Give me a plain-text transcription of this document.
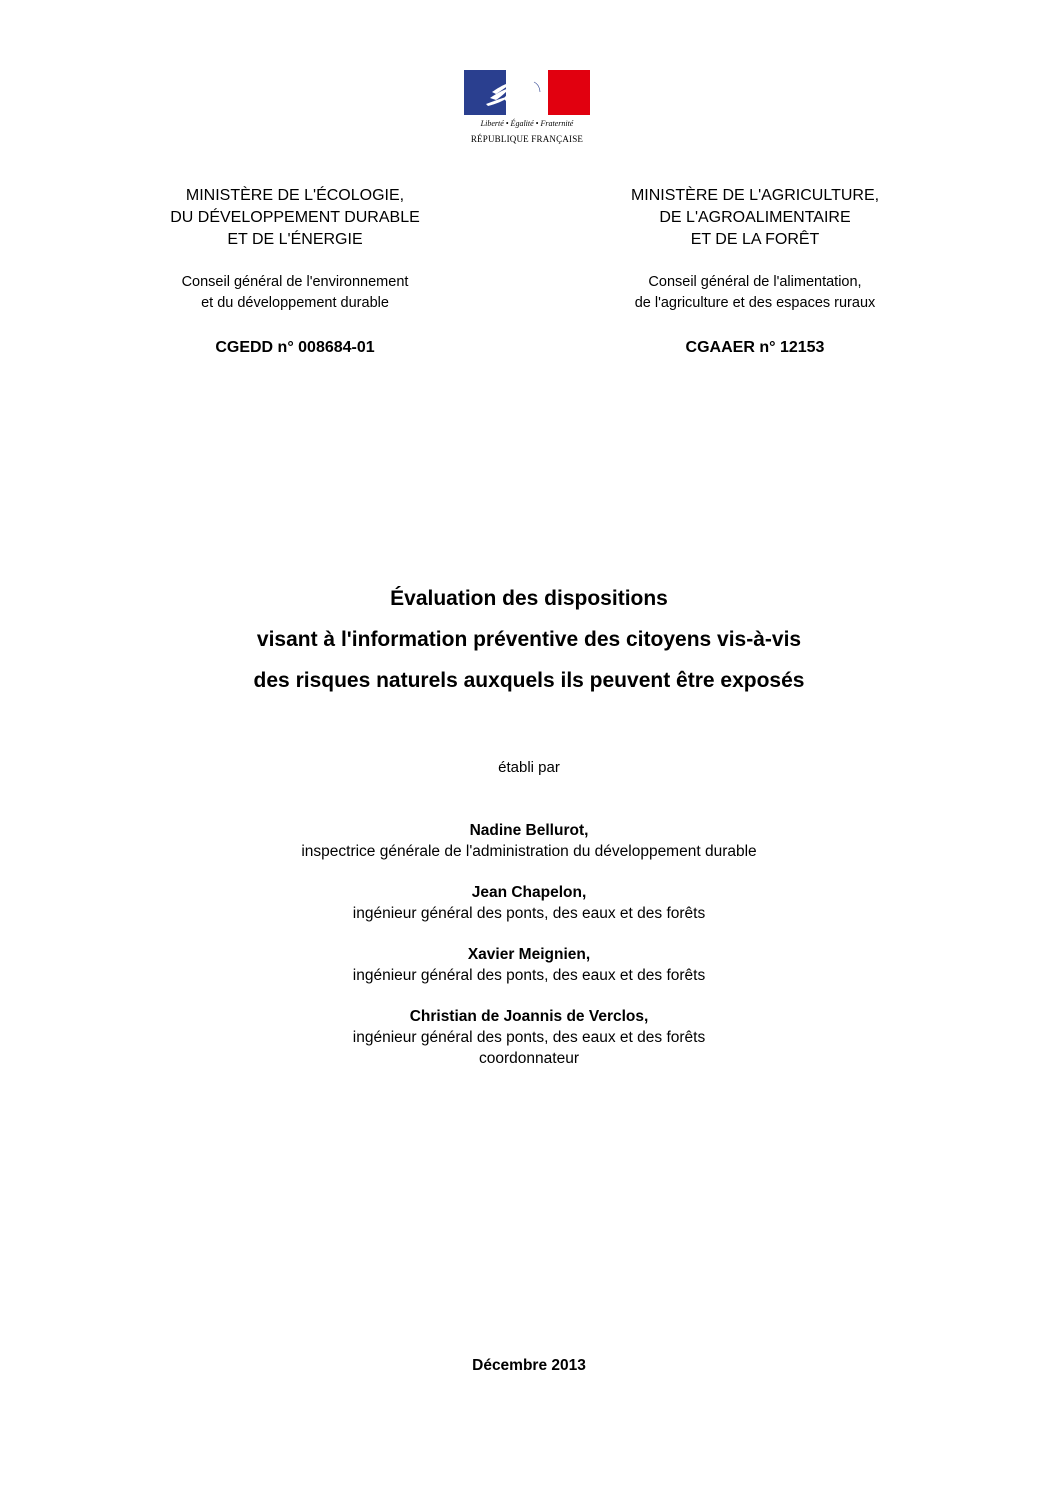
Liberté • Égalité • Fraternité
RÉPUBLIQUE FRANÇAISE
MINISTÈRE DE L'ÉCOLOGIE,
DU DÉVELOPPEMENT DURABLE
ET DE L'ÉNERGIE
Conseil général de l'environnement
et du développement durable
CGEDD n° 008684-01
MINISTÈRE DE L'AGRICULTURE,
DE L'AGROALIMENTAIRE
ET DE LA FORÊT
Conseil général de l'alimentation,
de l'agriculture et des espaces ruraux
CGAAER n° 12153
Évaluation des dispositions
visant à l'information préventive des citoyens vis-à-vis
des risques naturels auxquels ils peuvent être exposés
établi par
Nadine Bellurot,
inspectrice générale de l'administration du développement durable
Jean Chapelon,
ingénieur général des ponts, des eaux et des forêts
Xavier Meignien,
ingénieur général des ponts, des eaux et des forêts
Christian de Joannis de Verclos,
ingénieur général des ponts, des eaux et des forêts
coordonnateur
Décembre 2013
